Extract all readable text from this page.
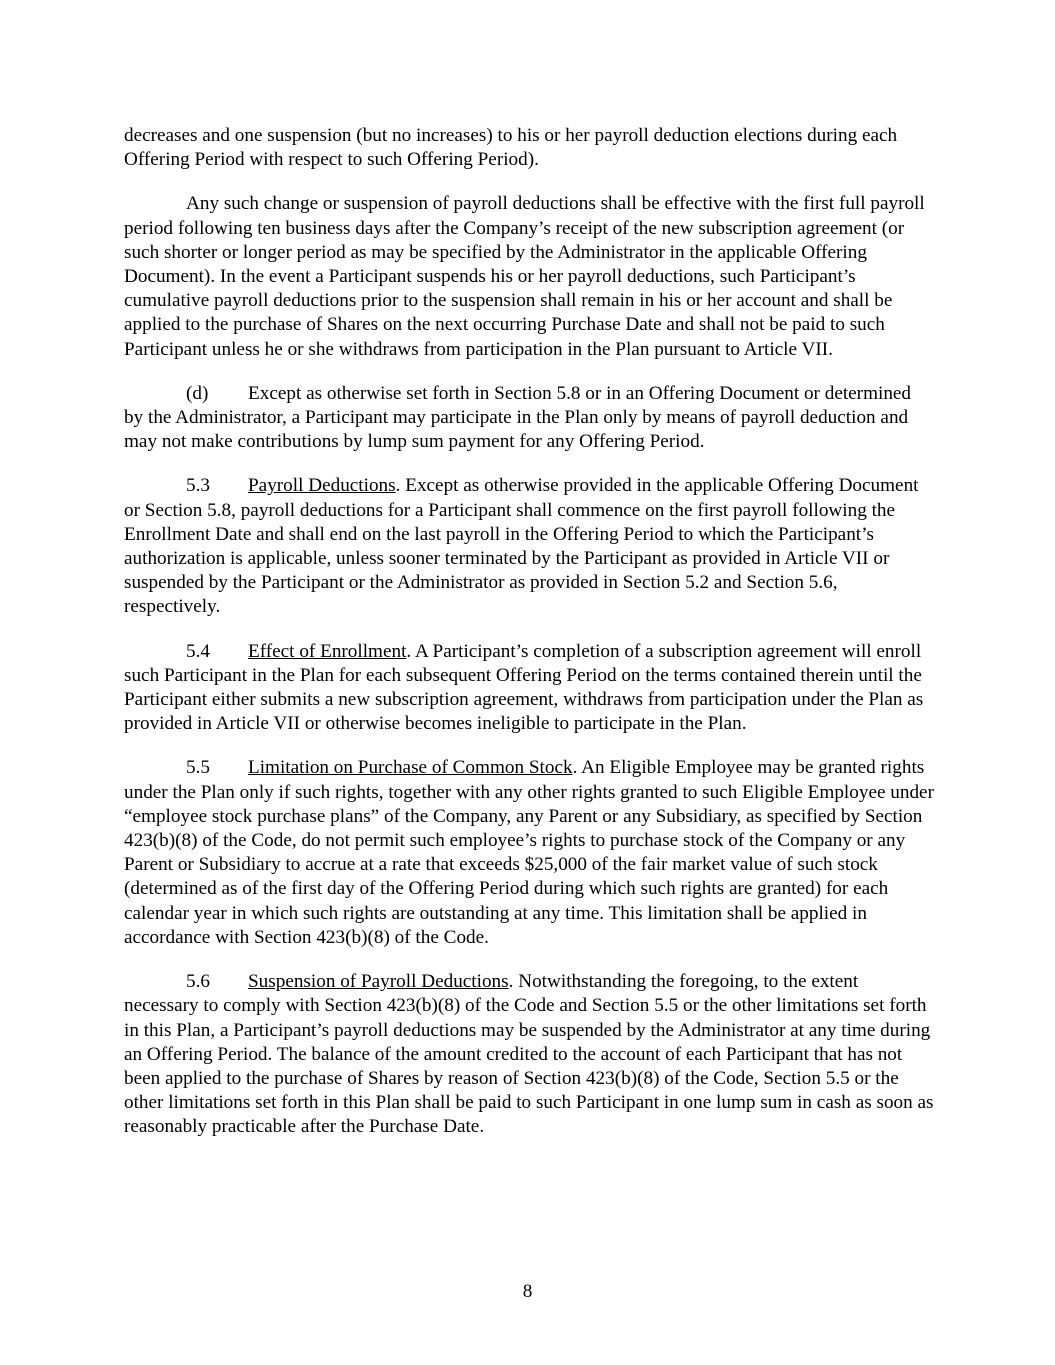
decreases and one suspension (but no increases) to his or her payroll deduction elections during each Offering Period with respect to such Offering Period).

Any such change or suspension of payroll deductions shall be effective with the first full payroll period following ten business days after the Company’s receipt of the new subscription agreement (or such shorter or longer period as may be specified by the Administrator in the applicable Offering Document). In the event a Participant suspends his or her payroll deductions, such Participant’s cumulative payroll deductions prior to the suspension shall remain in his or her account and shall be applied to the purchase of Shares on the next occurring Purchase Date and shall not be paid to such Participant unless he or she withdraws from participation in the Plan pursuant to Article VII.

(d) Except as otherwise set forth in Section 5.8 or in an Offering Document or determined by the Administrator, a Participant may participate in the Plan only by means of payroll deduction and may not make contributions by lump sum payment for any Offering Period.

5.3 Payroll Deductions. Except as otherwise provided in the applicable Offering Document or Section 5.8, payroll deductions for a Participant shall commence on the first payroll following the Enrollment Date and shall end on the last payroll in the Offering Period to which the Participant’s authorization is applicable, unless sooner terminated by the Participant as provided in Article VII or suspended by the Participant or the Administrator as provided in Section 5.2 and Section 5.6, respectively.

5.4 Effect of Enrollment. A Participant’s completion of a subscription agreement will enroll such Participant in the Plan for each subsequent Offering Period on the terms contained therein until the Participant either submits a new subscription agreement, withdraws from participation under the Plan as provided in Article VII or otherwise becomes ineligible to participate in the Plan.

5.5 Limitation on Purchase of Common Stock. An Eligible Employee may be granted rights under the Plan only if such rights, together with any other rights granted to such Eligible Employee under “employee stock purchase plans” of the Company, any Parent or any Subsidiary, as specified by Section 423(b)(8) of the Code, do not permit such employee’s rights to purchase stock of the Company or any Parent or Subsidiary to accrue at a rate that exceeds $25,000 of the fair market value of such stock (determined as of the first day of the Offering Period during which such rights are granted) for each calendar year in which such rights are outstanding at any time. This limitation shall be applied in accordance with Section 423(b)(8) of the Code.

5.6 Suspension of Payroll Deductions. Notwithstanding the foregoing, to the extent necessary to comply with Section 423(b)(8) of the Code and Section 5.5 or the other limitations set forth in this Plan, a Participant’s payroll deductions may be suspended by the Administrator at any time during an Offering Period. The balance of the amount credited to the account of each Participant that has not been applied to the purchase of Shares by reason of Section 423(b)(8) of the Code, Section 5.5 or the other limitations set forth in this Plan shall be paid to such Participant in one lump sum in cash as soon as reasonably practicable after the Purchase Date.

8
